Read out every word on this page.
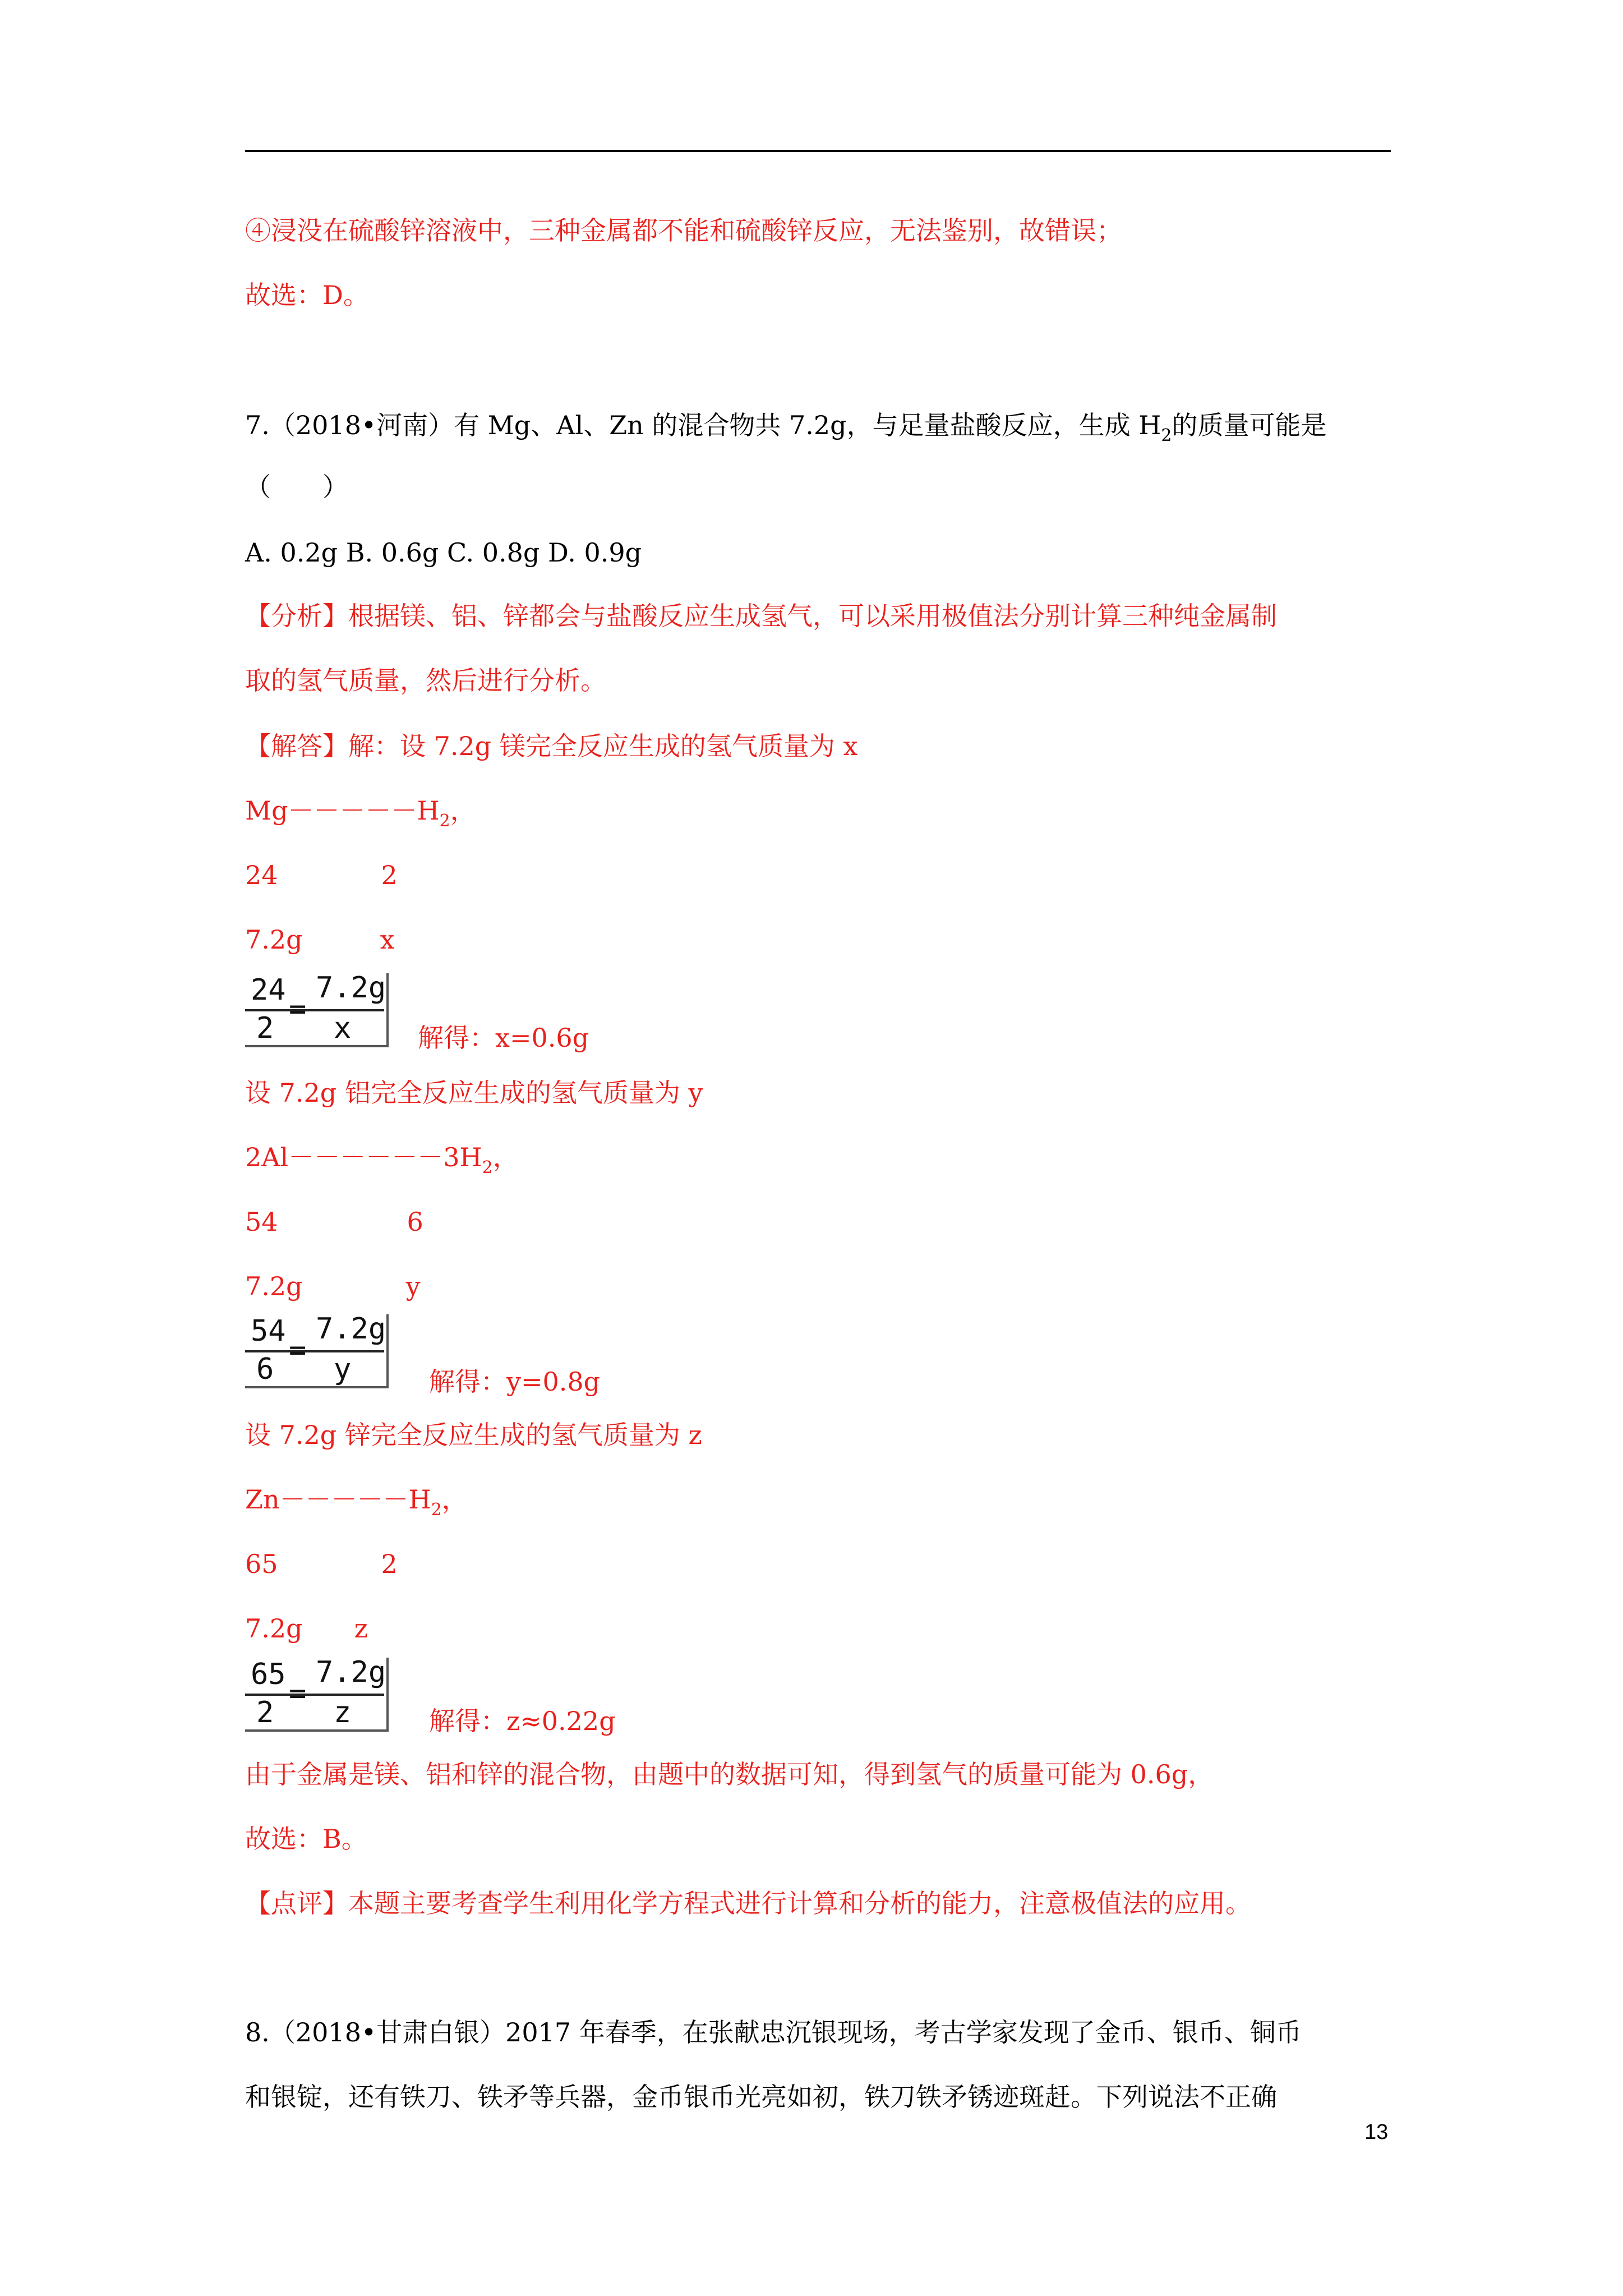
④浸没在硫酸锌溶液中，三种金属都不能和硫酸锌反应，无法鉴别，故错误；
故选：D。
7.（2018•河南）有 Mg、Al、Zn 的混合物共 7.2g，与足量盐酸反应，生成 $H_2$的质量可能是
（　　）
A. 0.2g B. 0.6g C. 0.8g D. 0.9g
【分析】根据镁、铝、锌都会与盐酸反应生成氢气，可以采用极值法分别计算三种纯金属制
取的氢气质量，然后进行分析。
【解答】解：设 7.2g 镁完全反应生成的氢气质量为 x
$Mg-----H_2$，
24　　　　2
7.2g　　　x
24 7.2g
=
2 x	解得：x=0.6g
设 7.2g 铝完全反应生成的氢气质量为 y
$2Al------3H_2$，
54　　　　　6
7.2g　　　　y
54 7.2g
=
6 y	解得：y=0.8g
设 7.2g 锌完全反应生成的氢气质量为 z
$Zn-----H_2$，
65　　　　2
7.2g　　z
65 7.2g
=
2 z	解得：z≈0.22g
由于金属是镁、铝和锌的混合物，由题中的数据可知，得到氢气的质量可能为 0.6g，
故选：B。
【点评】本题主要考查学生利用化学方程式进行计算和分析的能力，注意极值法的应用。
8.（2018•甘肃白银）2017 年春季，在张献忠沉银现场，考古学家发现了金币、银币、铜币
和银锭，还有铁刀、铁矛等兵器，金币银币光亮如初，铁刀铁矛锈迹斑赶。下列说法不正确
13
